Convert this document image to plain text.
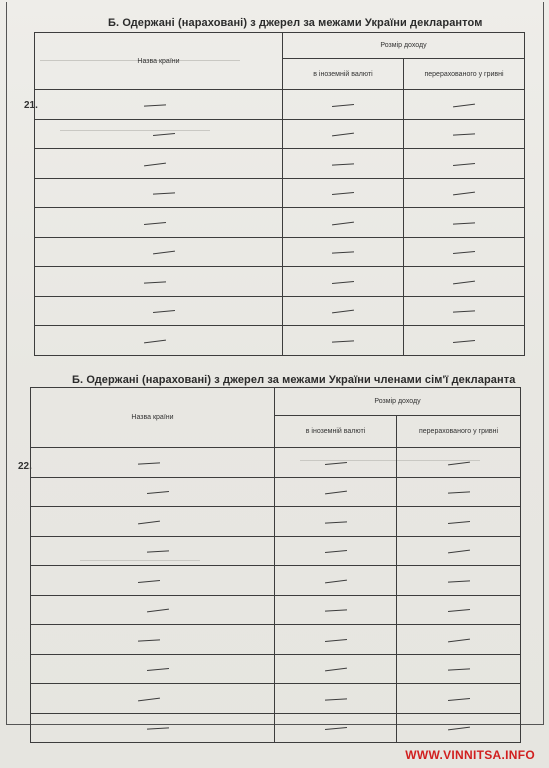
Б. Одержані (нараховані) з джерел за межами України декларантом
21.
Назва країни	Розмір доходу	
	в іноземній валюті	перерахованого у гривні

Б. Одержані (нараховані) з джерел за межами України членами сім'ї декларанта
22.
Назва країни	Розмір доходу	
	в іноземній валюті	перерахованого у гривні

WWW.VINNITSA.INFO
